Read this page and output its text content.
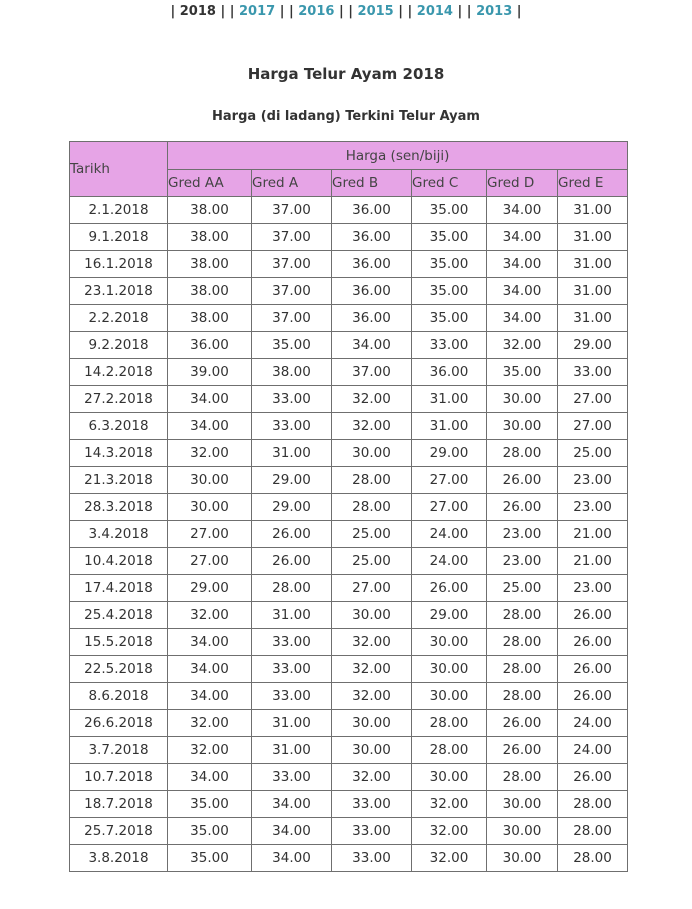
| 2018 | | 2017 | | 2016 | | 2015 | | 2014 | | 2013 |
Harga Telur Ayam 2018
Harga (di ladang) Terkini Telur Ayam
Tarikh	Harga (sen/biji)					
	Gred AA	Gred A	Gred B	Gred C	Gred D	Gred E
2.1.2018	38.00	37.00	36.00	35.00	34.00	31.00
9.1.2018	38.00	37.00	36.00	35.00	34.00	31.00
16.1.2018	38.00	37.00	36.00	35.00	34.00	31.00
23.1.2018	38.00	37.00	36.00	35.00	34.00	31.00
2.2.2018	38.00	37.00	36.00	35.00	34.00	31.00
9.2.2018	36.00	35.00	34.00	33.00	32.00	29.00
14.2.2018	39.00	38.00	37.00	36.00	35.00	33.00
27.2.2018	34.00	33.00	32.00	31.00	30.00	27.00
6.3.2018	34.00	33.00	32.00	31.00	30.00	27.00
14.3.2018	32.00	31.00	30.00	29.00	28.00	25.00
21.3.2018	30.00	29.00	28.00	27.00	26.00	23.00
28.3.2018	30.00	29.00	28.00	27.00	26.00	23.00
3.4.2018	27.00	26.00	25.00	24.00	23.00	21.00
10.4.2018	27.00	26.00	25.00	24.00	23.00	21.00
17.4.2018	29.00	28.00	27.00	26.00	25.00	23.00
25.4.2018	32.00	31.00	30.00	29.00	28.00	26.00
15.5.2018	34.00	33.00	32.00	30.00	28.00	26.00
22.5.2018	34.00	33.00	32.00	30.00	28.00	26.00
8.6.2018	34.00	33.00	32.00	30.00	28.00	26.00
26.6.2018	32.00	31.00	30.00	28.00	26.00	24.00
3.7.2018	32.00	31.00	30.00	28.00	26.00	24.00
10.7.2018	34.00	33.00	32.00	30.00	28.00	26.00
18.7.2018	35.00	34.00	33.00	32.00	30.00	28.00
25.7.2018	35.00	34.00	33.00	32.00	30.00	28.00
3.8.2018	35.00	34.00	33.00	32.00	30.00	28.00
